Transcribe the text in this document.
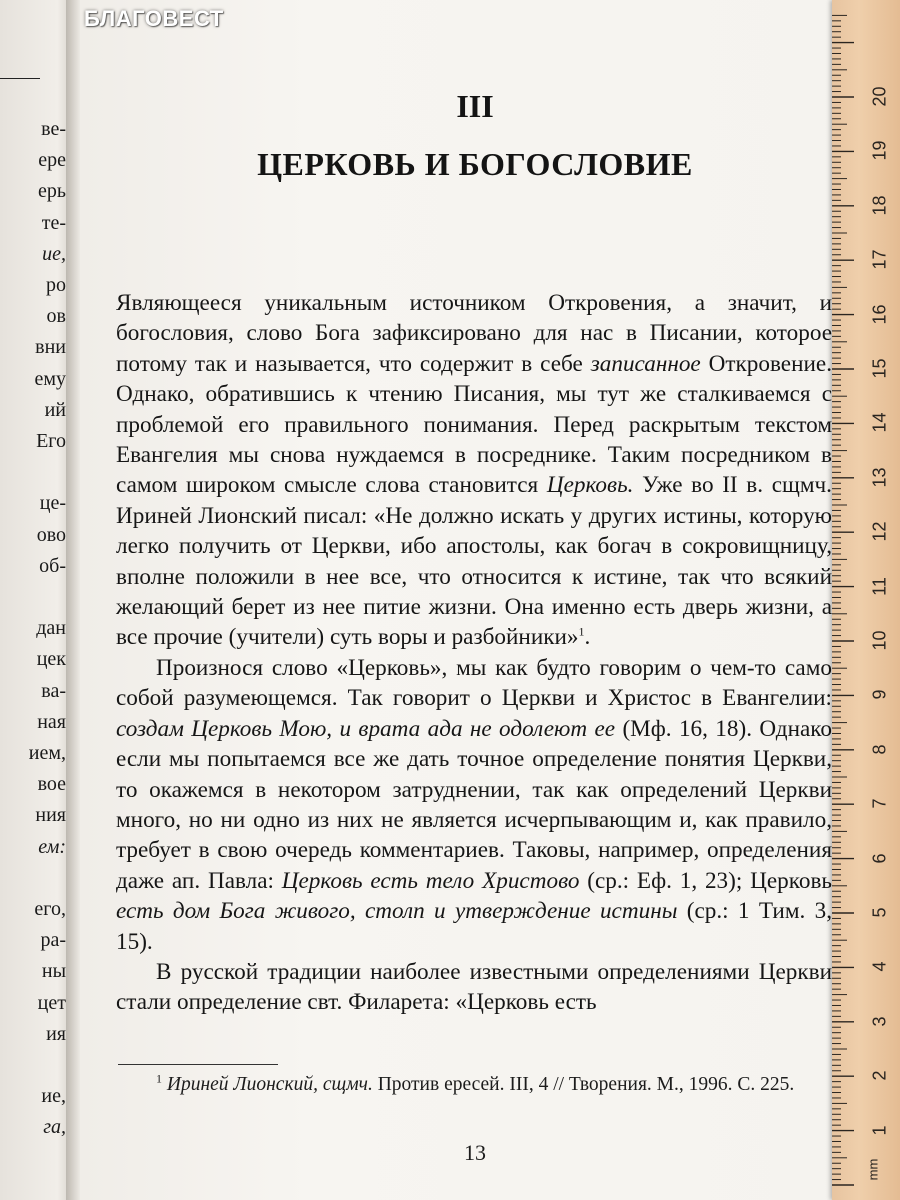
ве-
ере
ерь
те-
ие,
ро
ов
вни
ему
ий
Его
це-
ово
об-
дан
цек
ва-
ная
ием,
вое
ния
ем:
его,
ра-
ны
цет
ия
ие,
га,
БЛАГОВЕСТ
III
ЦЕРКОВЬ И БОГОСЛОВИЕ

Являющееся уникальным источником Откровения, а значит, и богословия, слово Бога зафиксировано для нас в Писании, которое потому так и называется, что содержит в себе записанное Откровение. Однако, обратившись к чтению Писания, мы тут же сталкиваемся с проблемой его правильного понимания. Перед раскрытым текстом Евангелия мы снова нуждаемся в посреднике. Таким посредником в самом широком смысле слова становится Церковь. Уже во II в. сщмч. Ириней Лионский писал: «Не должно искать у других истины, которую легко получить от Церкви, ибо апостолы, как богач в сокровищницу, вполне положили в нее все, что относится к истине, так что всякий желающий берет из нее питие жизни. Она именно есть дверь жизни, а все прочие (учители) суть воры и разбойники»$^1$.

Произнося слово «Церковь», мы как будто говорим о чем-то само собой разумеющемся. Так говорит о Церкви и Христос в Евангелии: создам Церковь Мою, и врата ада не одолеют ее (Мф. 16, 18). Однако если мы попытаемся все же дать точное определение понятия Церкви, то окажемся в некотором затруднении, так как определений Церкви много, но ни одно из них не является исчерпывающим и, как правило, требует в свою очередь комментариев. Таковы, например, определения даже ап. Павла: Церковь есть тело Христово (ср.: Еф. 1, 23); Церковь есть дом Бога живого, столп и утверждение истины (ср.: 1 Тим. 3, 15).

В русской традиции наиболее известными определениями Церкви стали определение свт. Филарета: «Церковь есть

$^1$ Ириней Лионский, сщмч. Против ересей. III, 4 // Творения. М., 1996. С. 225.
13
mm
1
2
3
4
5
6
7
8
9
10
11
12
13
14
15
16
17
18
19
20
